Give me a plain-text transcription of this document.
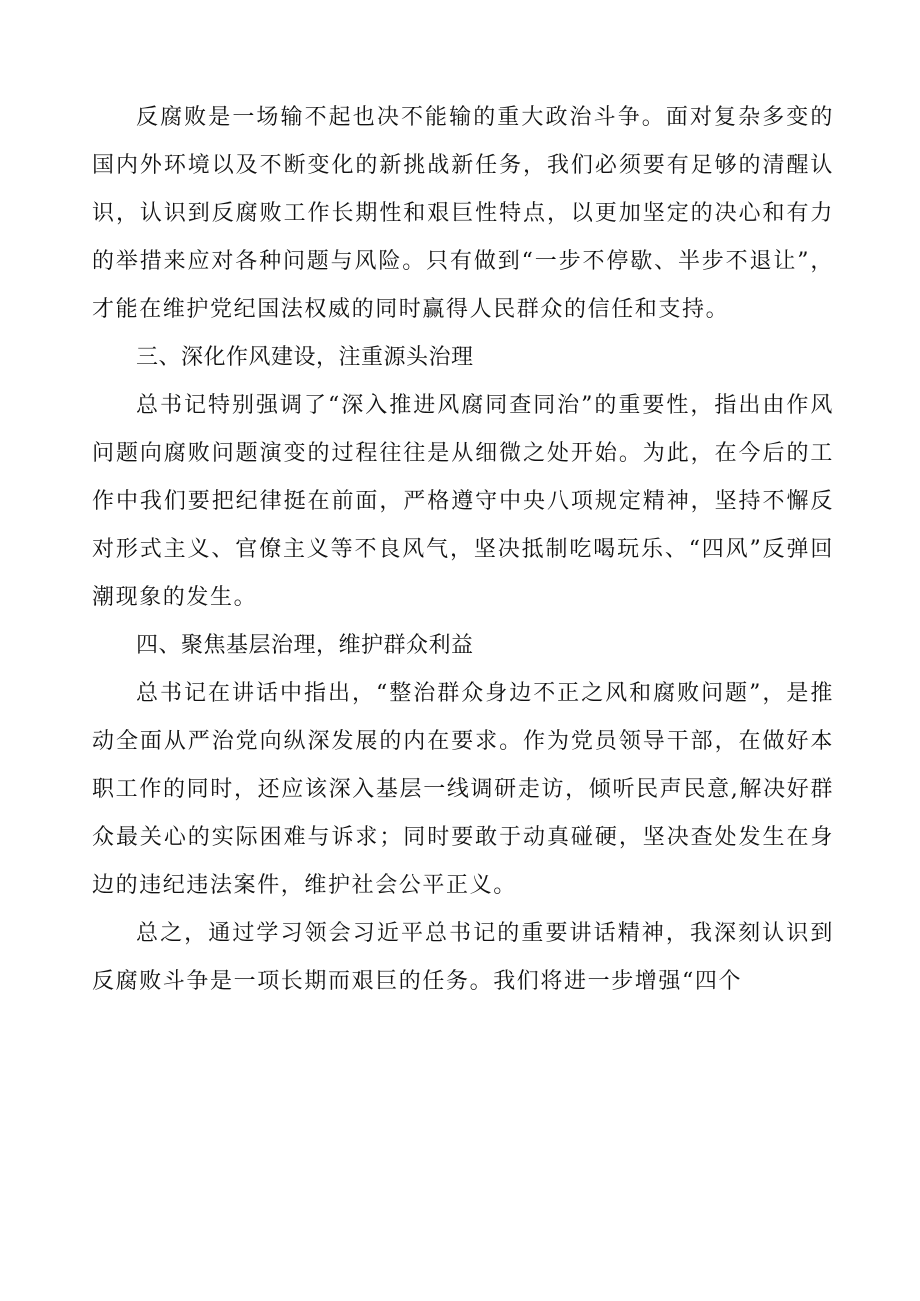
反腐败是一场输不起也决不能输的重大政治斗争。面对复杂多变的国内外环境以及不断变化的新挑战新任务，我们必须要有足够的清醒认识，认识到反腐败工作长期性和艰巨性特点，以更加坚定的决心和有力的举措来应对各种问题与风险。只有做到“一步不停歇、半步不退让”，才能在维护党纪国法权威的同时赢得人民群众的信任和支持。

三、深化作风建设，注重源头治理

总书记特别强调了“深入推进风腐同查同治”的重要性，指出由作风问题向腐败问题演变的过程往往是从细微之处开始。为此，在今后的工作中我们要把纪律挺在前面，严格遵守中央八项规定精神，坚持不懈反对形式主义、官僚主义等不良风气，坚决抵制吃喝玩乐、“四风”反弹回潮现象的发生。

四、聚焦基层治理，维护群众利益

总书记在讲话中指出，“整治群众身边不正之风和腐败问题”，是推动全面从严治党向纵深发展的内在要求。作为党员领导干部，在做好本职工作的同时，还应该深入基层一线调研走访，倾听民声民意,解决好群众最关心的实际困难与诉求；同时要敢于动真碰硬，坚决查处发生在身边的违纪违法案件，维护社会公平正义。

总之，通过学习领会习近平总书记的重要讲话精神，我深刻认识到反腐败斗争是一项长期而艰巨的任务。我们将进一步增强“四个
